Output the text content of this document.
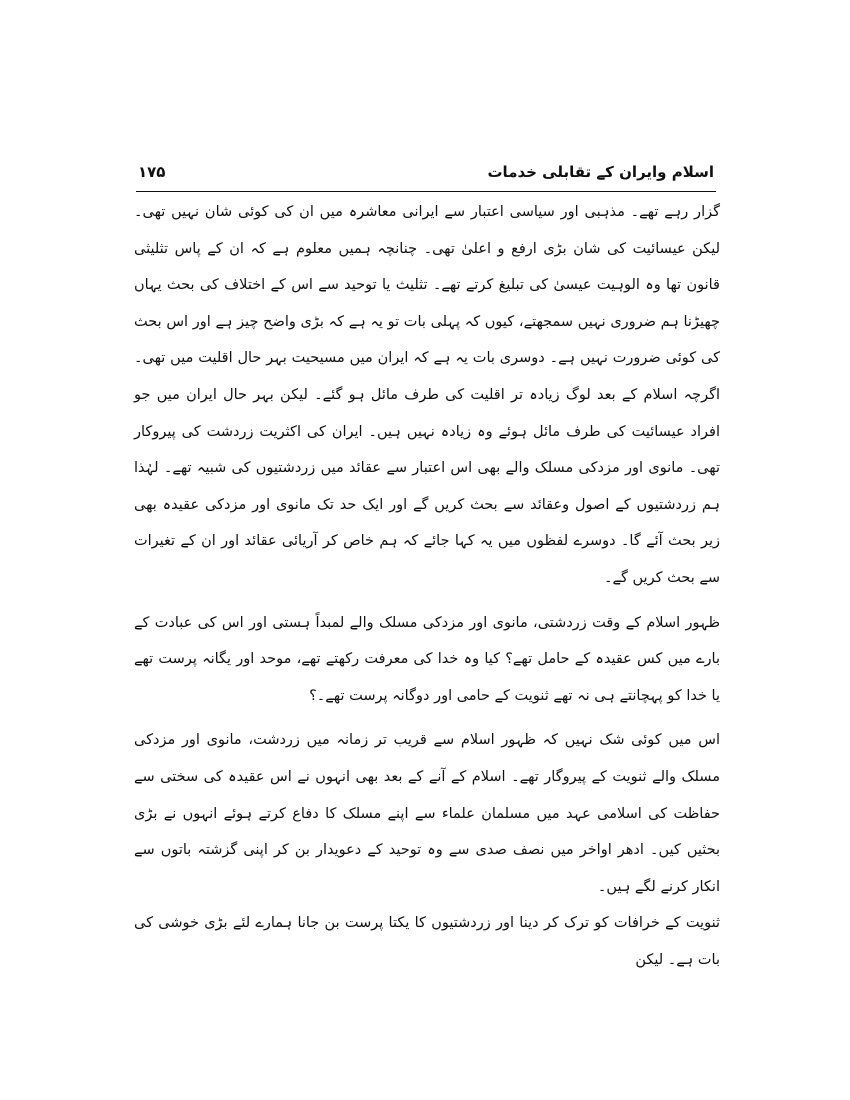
اسلام وایران کے تقابلی خدمات
۱۷۵

گزار رہے تھے۔ مذہبی اور سیاسی اعتبار سے ایرانی معاشرہ میں ان کی کوئی شان نہیں تھی۔ لیکن عیسائیت کی شان بڑی ارفع و اعلیٰ تھی۔ چنانچہ ہمیں معلوم ہے کہ ان کے پاس تثلیثی قانون تھا وہ الوہیت عیسیٰ کی تبلیغ کرتے تھے۔ تثلیث یا توحید سے اس کے اختلاف کی بحث یہاں چھیڑنا ہم ضروری نہیں سمجھتے، کیوں کہ پہلی بات تو یہ ہے کہ بڑی واضح چیز ہے اور اس بحث کی کوئی ضرورت نہیں ہے۔ دوسری بات یہ ہے کہ ایران میں مسیحیت بہر حال اقلیت میں تھی۔ اگرچہ اسلام کے بعد لوگ زیادہ تر اقلیت کی طرف مائل ہو گئے۔ لیکن بہر حال ایران میں جو افراد عیسائیت کی طرف مائل ہوئے وہ زیادہ نہیں ہیں۔ ایران کی اکثریت زردشت کی پیروکار تھی۔ مانوی اور مزدکی مسلک والے بھی اس اعتبار سے عقائد میں زردشتیوں کی شبیہ تھے۔ لہٰذا ہم زردشتیوں کے اصول وعقائد سے بحث کریں گے اور ایک حد تک مانوی اور مزدکی عقیدہ بھی زیر بحث آئے گا۔ دوسرے لفظوں میں یہ کہا جائے کہ ہم خاص کر آریائی عقائد اور ان کے تغیرات سے بحث کریں گے۔

ظہور اسلام کے وقت زردشتی، مانوی اور مزدکی مسلک والے لمبداً ہستی اور اس کی عبادت کے بارے میں کس عقیدہ کے حامل تھے؟ کیا وہ خدا کی معرفت رکھتے تھے، موحد اور یگانہ پرست تھے یا خدا کو پہچانتے ہی نہ تھے ثنویت کے حامی اور دوگانہ پرست تھے۔؟

اس میں کوئی شک نہیں کہ ظہور اسلام سے قریب تر زمانہ میں زردشت، مانوی اور مزدکی مسلک والے ثنویت کے پیروگار تھے۔ اسلام کے آنے کے بعد بھی انہوں نے اس عقیدہ کی سختی سے حفاظت کی اسلامی عہد میں مسلمان علماء سے اپنے مسلک کا دفاع کرتے ہوئے انہوں نے بڑی بحثیں کیں۔ ادھر اواخر میں نصف صدی سے وہ توحید کے دعویدار بن کر اپنی گزشتہ باتوں سے انکار کرنے لگے ہیں۔

ثنویت کے خرافات کو ترک کر دینا اور زردشتیوں کا یکتا پرست بن جانا ہمارے لئے بڑی خوشی کی بات ہے۔ لیکن
